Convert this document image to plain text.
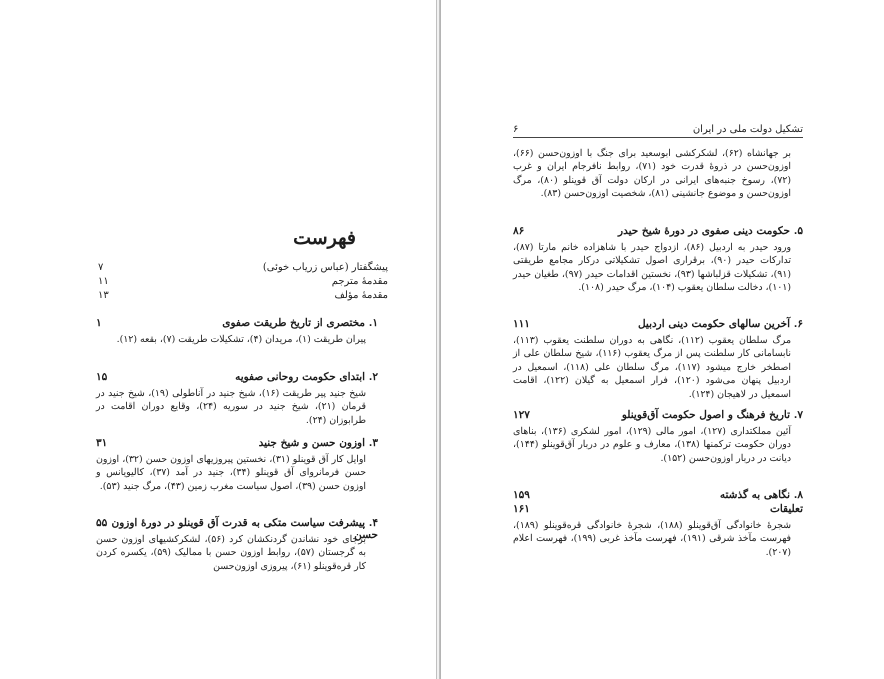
فهرست
پیشگفتار (عباس زریاب خوئی)
۷
مقدمهٔ مترجم
۱۱
مقدمهٔ مؤلف
۱۳
۱. مختصری از تاریخ طریقت صفوی
۱
پیران طریقت (۱)، مریدان (۴)، تشکیلات طریقت (۷)، بقعه (۱۲).
۲. ابتدای حکومت روحانی صفویه
۱۵
شیخ جنید پیر طریقت (۱۶)، شیخ جنید در آناطولی (۱۹)، شیخ جنید در قرمان (۲۱)، شیخ جنید در سوریه (۲۴)، وقایع دوران اقامت در طرابوزان (۲۴).
۳. اوزون حسن و شیخ جنید
۳۱
اوایل کار آق قوینلو (۳۱)، نخستین پیروزیهای اوزون حسن (۳۲)، اوزون حسن فرمانروای آق قوینلو (۳۴)، جنید در آمد (۳۷)، کالیویانس و اوزون حسن (۳۹)، اصول سیاست مغرب زمین (۴۳)، مرگ جنید (۵۳).
۴. پیشرفت سیاست متکی به قدرت آق قوینلو در دورهٔ اوزون حسن
۵۵
برجای خود نشاندن گردنکشان کرد (۵۶)، لشکرکشیهای اوزون حسن به گرجستان (۵۷)، روابط اوزون حسن با ممالیک (۵۹)، یکسره کردن کار قره‌قوینلو (۶۱)، پیروزی اوزون‌حسن
۶	تشکیل دولت ملی در ایران
بر جهانشاه (۶۲)، لشکرکشی ابوسعید برای جنگ با اوزون‌حسن (۶۶)، اوزون‌حسن در ذروهٔ قدرت خود (۷۱)، روابط نافرجام ایران و غرب (۷۲)، رسوخ جنبه‌های ایرانی در ارکان دولت آق قوینلو (۸۰)، مرگ اوزون‌حسن و موضوع جانشینی (۸۱)، شخصیت اوزون‌حسن (۸۳).
۵. حکومت دینی صفوی در دورهٔ شیخ حیدر
۸۶
ورود حیدر به اردبیل (۸۶)، ازدواج حیدر با شاهزاده خانم مارتا (۸۷)، تدارکات حیدر (۹۰)، برقراری اصول تشکیلاتی درکار مجامع طریقتی (۹۱)، تشکیلات قزلباشها (۹۳)، نخستین اقدامات حیدر (۹۷)، طغیان حیدر (۱۰۱)، دخالت سلطان یعقوب (۱۰۴)، مرگ حیدر (۱۰۸).
۶. آخرین سالهای حکومت دینی اردبیل
۱۱۱
مرگ سلطان یعقوب (۱۱۲)، نگاهی به دوران سلطنت یعقوب (۱۱۳)، نابسامانی کار سلطنت پس از مرگ یعقوب (۱۱۶)، شیخ سلطان علی از اصطخر خارج میشود (۱۱۷)، مرگ سلطان علی (۱۱۸)، اسمعیل در اردبیل پنهان می‌شود (۱۲۰)، فرار اسمعیل به گیلان (۱۲۲)، اقامت اسمعیل در لاهیجان (۱۲۴).
۷. تاریخ فرهنگ و اصول حکومت آق‌قوینلو
۱۲۷
آئین مملکتداری (۱۲۷)، امور مالی (۱۲۹)، امور لشکری (۱۳۶)، بناهای دوران حکومت ترکمنها (۱۳۸)، معارف و علوم در دربار آق‌قوینلو (۱۴۴)، دیانت در دربار اوزون‌حسن (۱۵۲).
۸. نگاهی به گذشته
۱۵۹
تعلیقات
۱۶۱
شجرهٔ خانوادگی آق‌قوینلو (۱۸۸)، شجرهٔ خانوادگی قره‌قوینلو (۱۸۹)، فهرست مآخذ شرقی (۱۹۱)، فهرست مآخذ غربی (۱۹۹)، فهرست اعلام (۲۰۷).
